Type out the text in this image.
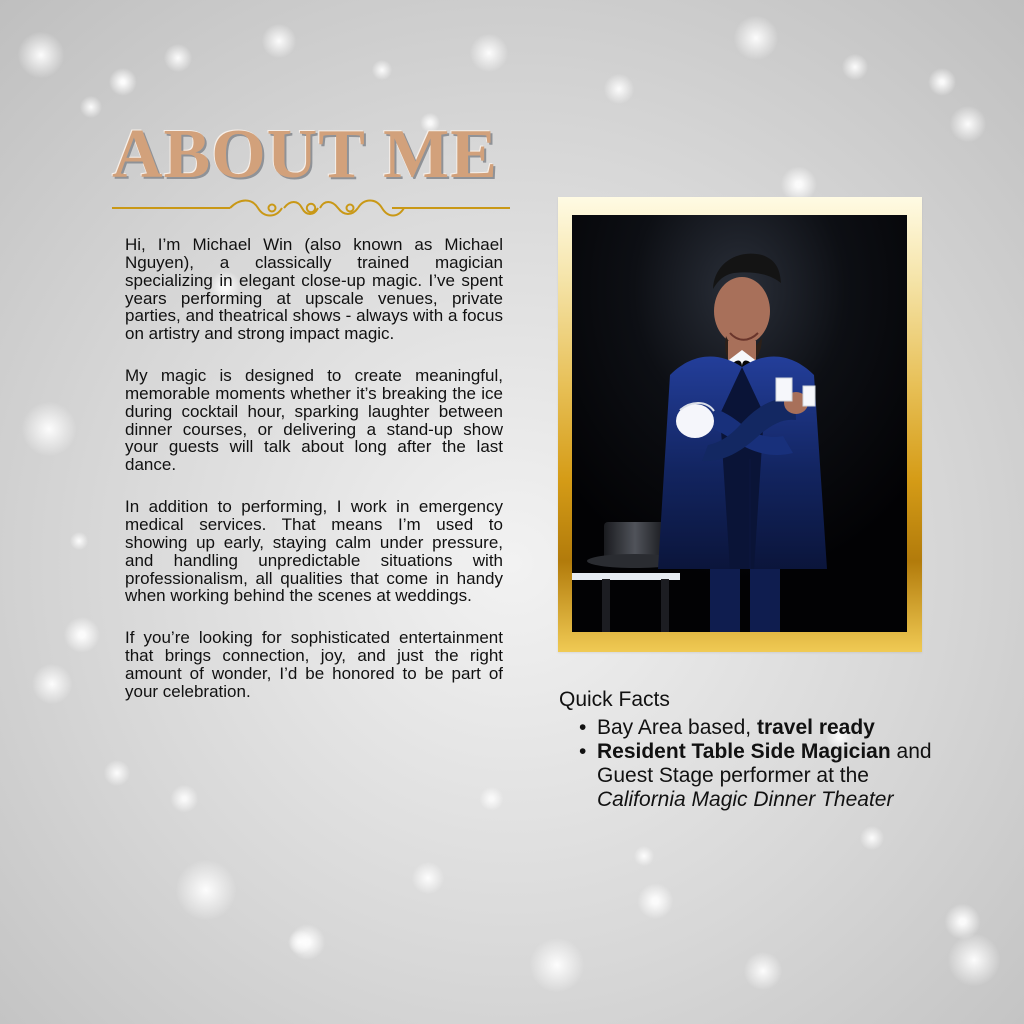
ABOUT ME

Hi, I’m Michael Win (also known as Michael Nguyen), a classically trained magician specializing in elegant close-up magic. I’ve spent years performing at upscale venues, private parties, and theatrical shows - always with a focus on artistry and strong impact magic.

My magic is designed to create meaningful, memorable moments whether it’s breaking the ice during cocktail hour, sparking laughter between dinner courses, or delivering a stand-up show your guests will talk about long after the last dance.

In addition to performing, I work in emergency medical services. That means I’m used to showing up early, staying calm under pressure, and handling unpredictable situations with professionalism, all qualities that come in handy when working behind the scenes at weddings.

If you’re looking for sophisticated entertainment that brings connection, joy, and just the right amount of wonder, I’d be honored to be part of your celebration.	Quick Facts
• Bay Area based, travel ready
• Resident Table Side Magician and Guest Stage performer at the California Magic Dinner Theater
